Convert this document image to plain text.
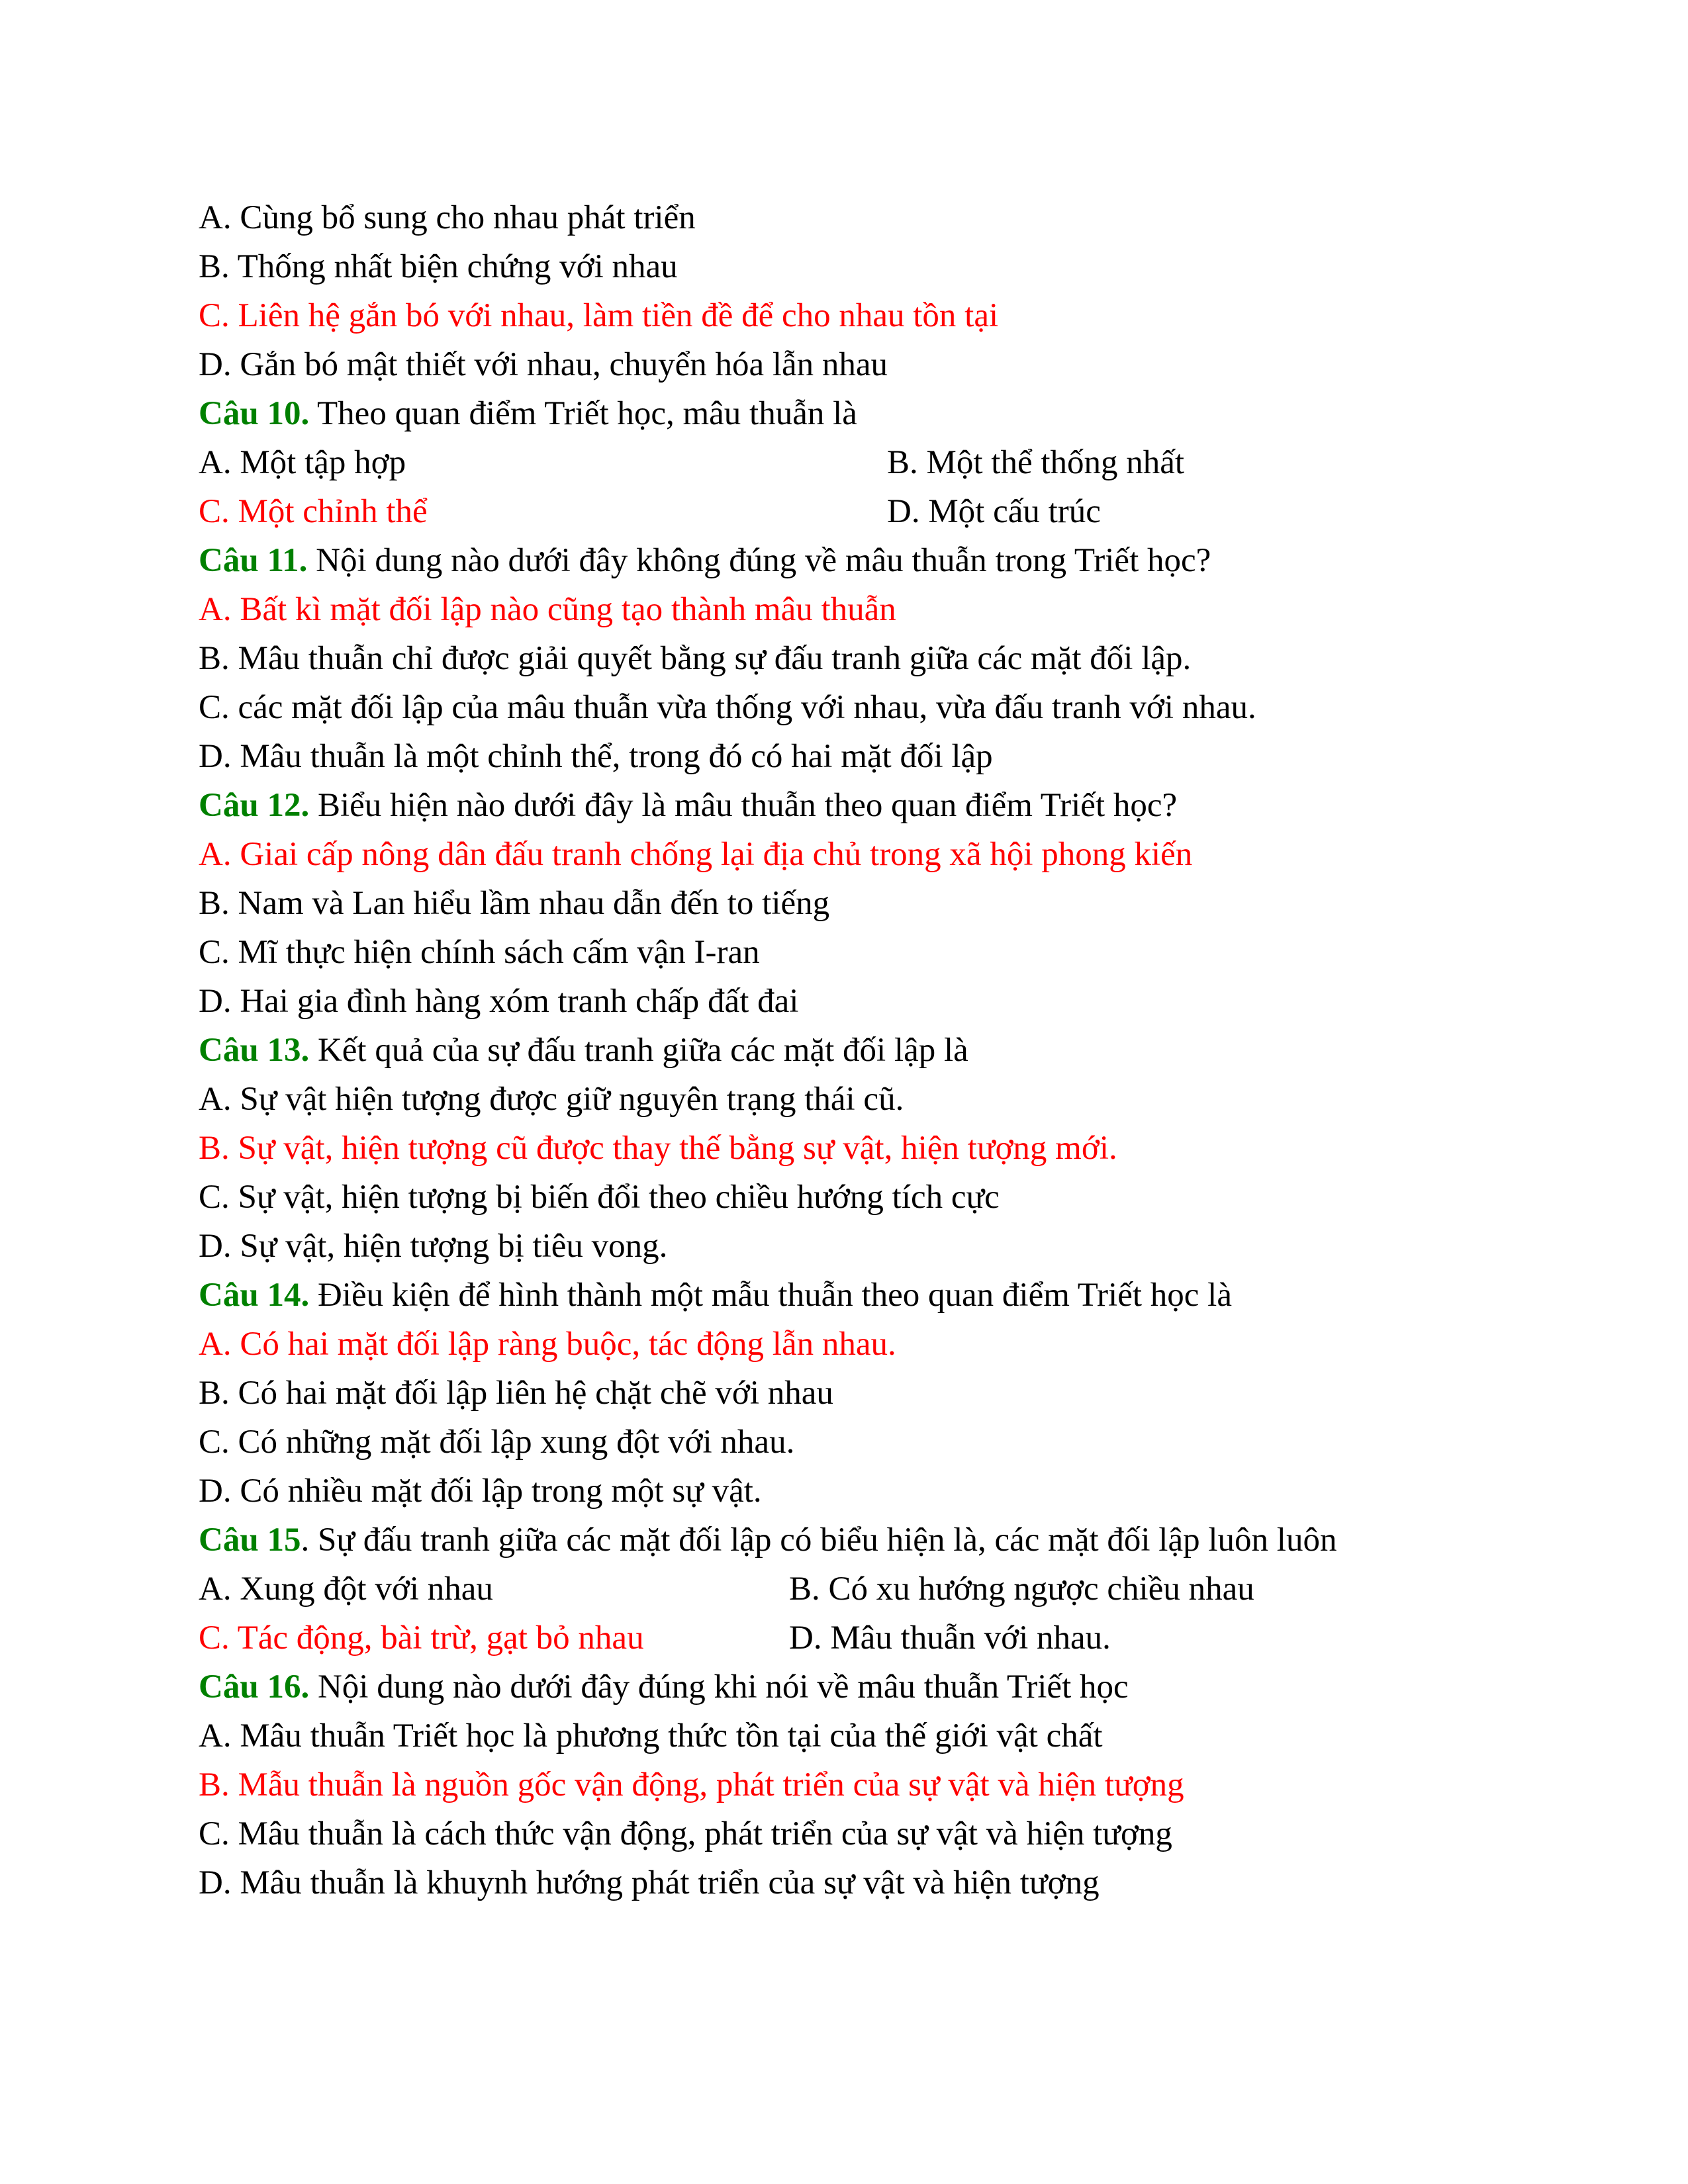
A. Cùng bổ sung cho nhau phát triển
B. Thống nhất biện chứng với nhau
C. Liên hệ gắn bó với nhau, làm tiền đề để cho nhau tồn tại
D. Gắn bó mật thiết với nhau, chuyển hóa lẫn nhau
Câu 10. Theo quan điểm Triết học, mâu thuẫn là
A. Một tập hợp	B. Một thể thống nhất
C. Một chỉnh thể	D. Một cấu trúc
Câu 11. Nội dung nào dưới đây không đúng về mâu thuẫn trong Triết học?
A. Bất kì mặt đối lập nào cũng tạo thành mâu thuẫn
B. Mâu thuẫn chỉ được giải quyết bằng sự đấu tranh giữa các mặt đối lập.
C. các mặt đối lập của mâu thuẫn vừa thống với nhau, vừa đấu tranh với nhau.
D. Mâu thuẫn là một chỉnh thể, trong đó có hai mặt đối lập
Câu 12. Biểu hiện nào dưới đây là mâu thuẫn theo quan điểm Triết học?
A. Giai cấp nông dân đấu tranh chống lại địa chủ trong xã hội phong kiến
B. Nam và Lan hiểu lầm nhau dẫn đến to tiếng
C. Mĩ thực hiện chính sách cấm vận I-ran
D. Hai gia đình hàng xóm tranh chấp đất đai
Câu 13. Kết quả của sự đấu tranh giữa các mặt đối lập là
A. Sự vật hiện tượng được giữ nguyên trạng thái cũ.
B. Sự vật, hiện tượng cũ được thay thế bằng sự vật, hiện tượng mới.
C. Sự vật, hiện tượng bị biến đổi theo chiều hướng tích cực
D. Sự vật, hiện tượng bị tiêu vong.
Câu 14. Điều kiện để hình thành một mẫu thuẫn theo quan điểm Triết học là
A. Có hai mặt đối lập ràng buộc, tác động lẫn nhau.
B. Có hai mặt đối lập liên hệ chặt chẽ với nhau
C. Có những mặt đối lập xung đột với nhau.
D. Có nhiều mặt đối lập trong một sự vật.
Câu 15. Sự đấu tranh giữa các mặt đối lập có biểu hiện là, các mặt đối lập luôn luôn
A. Xung đột với nhau	B. Có xu hướng ngược chiều nhau
C. Tác động, bài trừ, gạt bỏ nhau	D. Mâu thuẫn với nhau.
Câu 16. Nội dung nào dưới đây đúng khi nói về mâu thuẫn Triết học
A. Mâu thuẫn Triết học là phương thức tồn tại của thế giới vật chất
B. Mẫu thuẫn là nguồn gốc vận động, phát triển của sự vật và hiện tượng
C. Mâu thuẫn là cách thức vận động, phát triển của sự vật và hiện tượng
D. Mâu thuẫn là khuynh hướng phát triển của sự vật và hiện tượng
